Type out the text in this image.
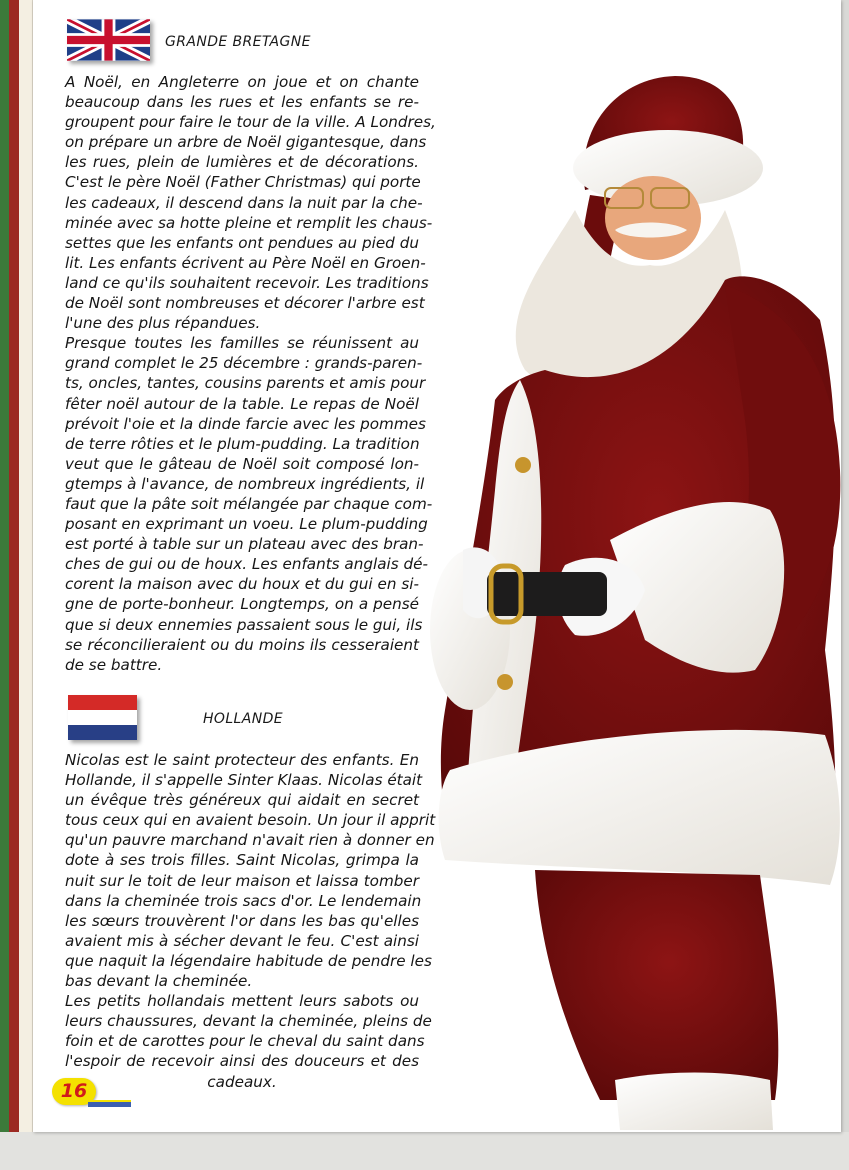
GRANDE BRETAGNE
A Noël, en Angleterre on joue et on chante
beaucoup dans les rues et les enfants se re-
groupent pour faire le tour de la ville. A Londres,
on prépare un arbre de Noël gigantesque, dans
les rues, plein de lumières et de décorations.
C'est le père Noël (Father Christmas) qui porte
les cadeaux, il descend dans la nuit par la che-
minée avec sa hotte pleine et remplit les chaus-
settes que les enfants ont pendues au pied du
lit. Les enfants écrivent au Père Noël en Groen-
land ce qu'ils souhaitent recevoir. Les traditions
de Noël sont nombreuses et décorer l'arbre est
l'une des plus répandues.
Presque toutes les familles se réunissent au
grand complet le 25 décembre : grands-paren-
ts, oncles, tantes, cousins parents et amis pour
fêter noël autour de la table. Le repas de Noël
prévoit l'oie et la dinde farcie avec les pommes
de terre rôties et le plum-pudding. La tradition
veut que le gâteau de Noël soit composé lon-
gtemps à l'avance, de nombreux ingrédients, il
faut que la pâte soit mélangée par chaque com-
posant en exprimant un voeu. Le plum-pudding
est porté à table sur un plateau avec des bran-
ches de gui ou de houx. Les enfants anglais dé-
corent la maison avec du houx et du gui en si-
gne de porte-bonheur. Longtemps, on a pensé
que si deux ennemies passaient sous le gui, ils
se réconcilieraient ou du moins ils cesseraient
de se battre.
HOLLANDE
Nicolas est le saint protecteur des enfants. En
Hollande, il s'appelle Sinter Klaas. Nicolas était
un évêque très généreux qui aidait en secret
tous ceux qui en avaient besoin. Un jour il apprit
qu'un pauvre marchand n'avait rien à donner en
dote à ses trois filles. Saint Nicolas, grimpa la
nuit sur le toit de leur maison et laissa tomber
dans la cheminée trois sacs d'or. Le lendemain
les sœurs trouvèrent l'or dans les bas qu'elles
avaient mis à sécher devant le feu. C'est ainsi
que naquit la légendaire habitude de pendre les
bas devant la cheminée.
Les petits hollandais mettent leurs sabots ou
leurs chaussures, devant la cheminée, pleins de
foin et de carottes pour le cheval du saint dans
l'espoir de recevoir ainsi des douceurs et des
cadeaux.
16
